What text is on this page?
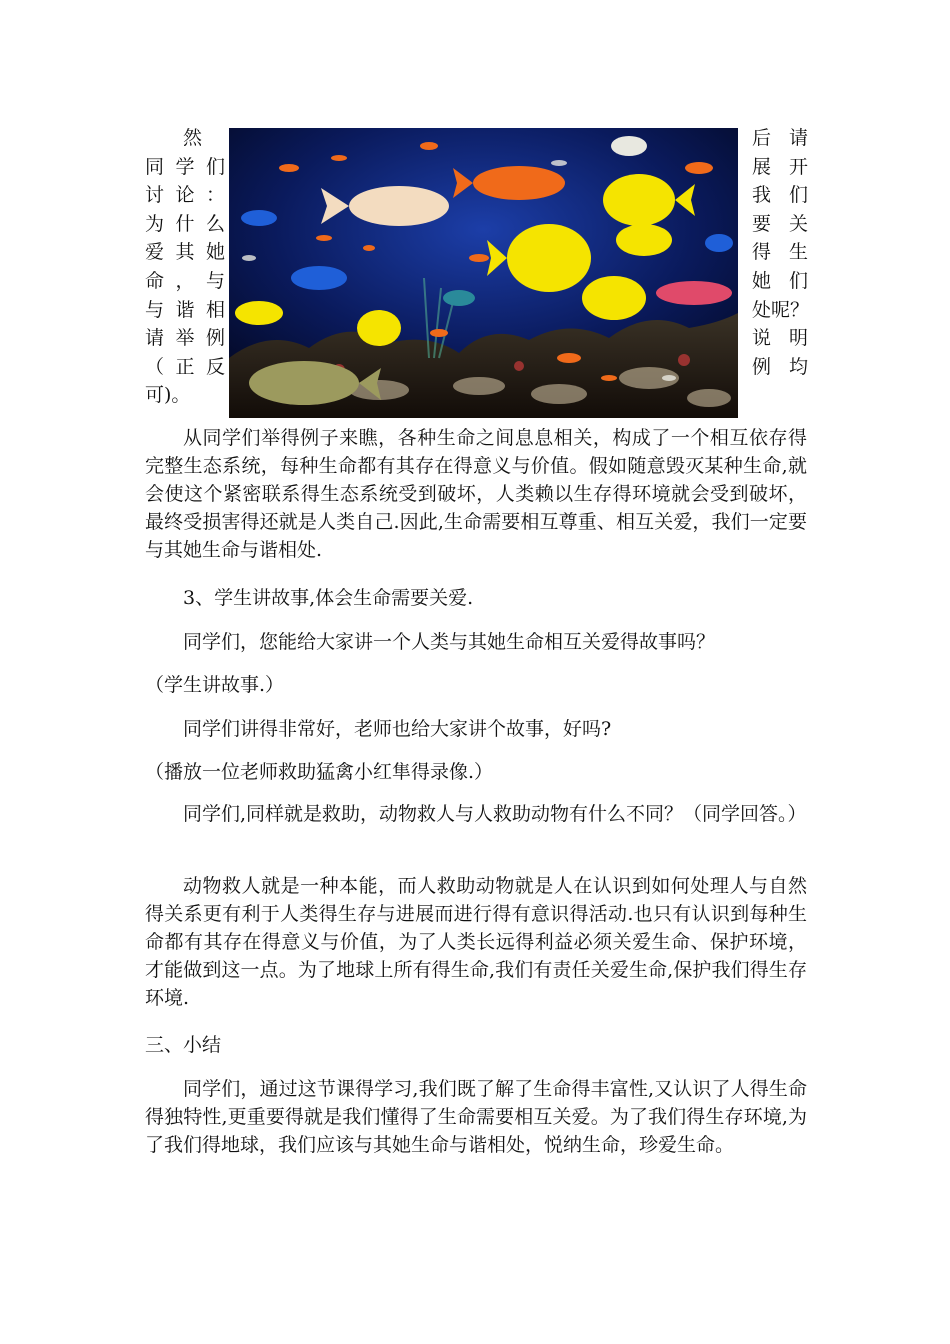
然
同学们
讨论：
为什么
爱其她
命，与
与谐相
请举例
（正反
可)。
后 请
展 开
我 们
要 关
得 生
她 们
处呢？
说 明
例 均
从同学们举得例子来瞧，各种生命之间息息相关，构成了一个相互依存得完整生态系统，每种生命都有其存在得意义与价值。假如随意毁灭某种生命,就会使这个紧密联系得生态系统受到破坏，人类赖以生存得环境就会受到破坏，最终受损害得还就是人类自己.因此,生命需要相互尊重、相互关爱，我们一定要与其她生命与谐相处.
3、学生讲故事,体会生命需要关爱.
同学们，您能给大家讲一个人类与其她生命相互关爱得故事吗？
（学生讲故事.）
同学们讲得非常好，老师也给大家讲个故事，好吗?
（播放一位老师救助猛禽小红隼得录像.）
同学们,同样就是救助，动物救人与人救助动物有什么不同？（同学回答。）
动物救人就是一种本能，而人救助动物就是人在认识到如何处理人与自然得关系更有利于人类得生存与进展而进行得有意识得活动.也只有认识到每种生命都有其存在得意义与价值，为了人类长远得利益必须关爱生命、保护环境，才能做到这一点。为了地球上所有得生命,我们有责任关爱生命,保护我们得生存环境.
三、小结
同学们，通过这节课得学习,我们既了解了生命得丰富性,又认识了人得生命得独特性,更重要得就是我们懂得了生命需要相互关爱。为了我们得生存环境,为了我们得地球，我们应该与其她生命与谐相处，悦纳生命，珍爱生命。
